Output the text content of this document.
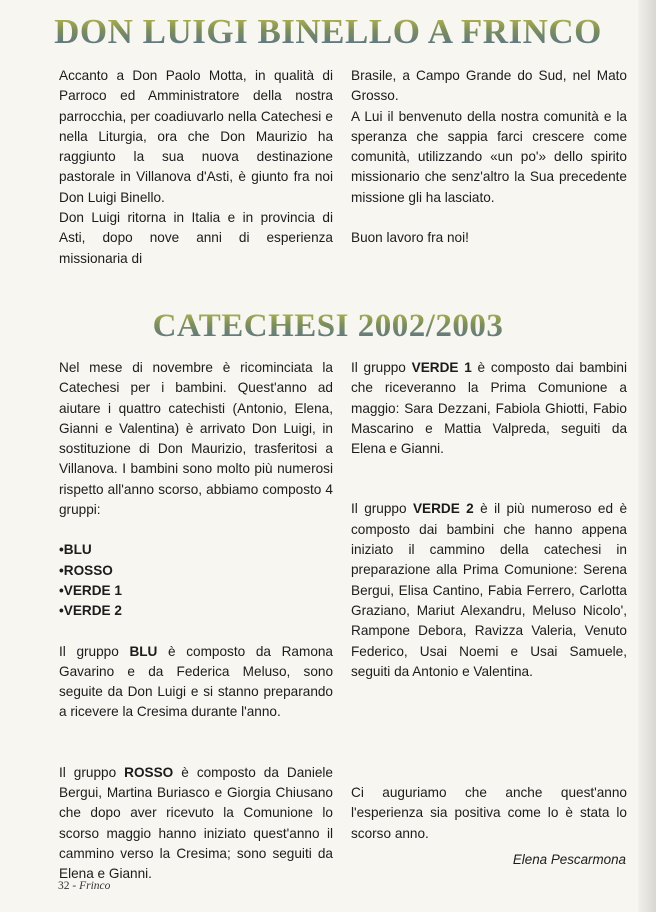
DON LUIGI BINELLO A FRINCO

Accanto a Don Paolo Motta, in qualità di Parroco ed Amministratore della nostra parrocchia, per coadiuvarlo nella Catechesi e nella Liturgia, ora che Don Maurizio ha raggiunto la sua nuova destinazione pastorale in Villanova d'Asti, è giunto fra noi Don Luigi Binello.

Don Luigi ritorna in Italia e in provincia di Asti, dopo nove anni di esperienza missionaria di

Brasile, a Campo Grande do Sud, nel Mato Grosso.

A Lui il benvenuto della nostra comunità e la speranza che sappia farci crescere come comunità, utilizzando «un po'» dello spirito missionario che senz'altro la Sua precedente missione gli ha lasciato.

Buon lavoro fra noi!

CATECHESI 2002/2003

Nel mese di novembre è ricominciata la Catechesi per i bambini. Quest'anno ad aiutare i quattro catechisti (Antonio, Elena, Gianni e Valentina) è arrivato Don Luigi, in sostituzione di Don Maurizio, trasferitosi a Villanova. I bambini sono molto più numerosi rispetto all'anno scorso, abbiamo composto 4 gruppi:

• BLU
• ROSSO
• VERDE 1
• VERDE 2

Il gruppo BLU è composto da Ramona Gavarino e da Federica Meluso, sono seguite da Don Luigi e si stanno preparando a ricevere la Cresima durante l'anno.

Il gruppo ROSSO è composto da Daniele Bergui, Martina Buriasco e Giorgia Chiusano che dopo aver ricevuto la Comunione lo scorso maggio hanno iniziato quest'anno il cammino verso la Cresima; sono seguiti da Elena e Gianni.

Il gruppo VERDE 1 è composto dai bambini che riceveranno la Prima Comunione a maggio: Sara Dezzani, Fabiola Ghiotti, Fabio Mascarino e Mattia Valpreda, seguiti da Elena e Gianni.

Il gruppo VERDE 2 è il più numeroso ed è composto dai bambini che hanno appena iniziato il cammino della catechesi in preparazione alla Prima Comunione: Serena Bergui, Elisa Cantino, Fabia Ferrero, Carlotta Graziano, Mariut Alexandru, Meluso Nicolo', Rampone Debora, Ravizza Valeria, Venuto Federico, Usai Noemi e Usai Samuele, seguiti da Antonio e Valentina.

Ci auguriamo che anche quest'anno l'esperienza sia positiva come lo è stata lo scorso anno.

Elena Pescarmona
32 - Frinco
